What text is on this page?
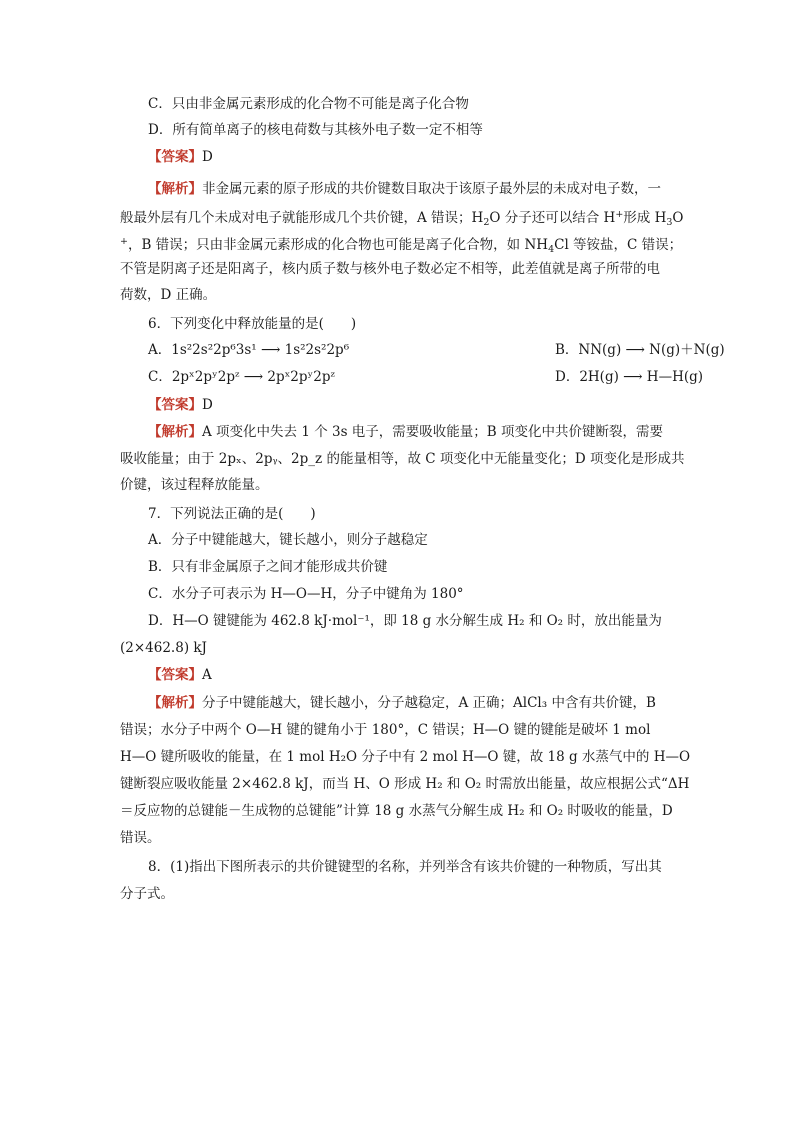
C．只由非金属元素形成的化合物不可能是离子化合物
D．所有简单离子的核电荷数与其核外电子数一定不相等
【答案】D
【解析】非金属元素的原子形成的共价键数目取决于该原子最外层的未成对电子数，一
般最外层有几个未成对电子就能形成几个共价键，A 错误；$H_2O$ 分子还可以结合 H+形成 $H_3O$
+，B 错误；只由非金属元素形成的化合物也可能是离子化合物，如 $NH_4Cl$ 等铵盐，C 错误；
不管是阴离子还是阳离子，核内质子数与核外电子数必定不相等，此差值就是离子所带的电
荷数，D 正确。
6．下列变化中释放能量的是(　　)
A．1s²2s²2p⁶3s¹ ⟶ 1s²2s²2p⁶	B．NN(g) ⟶ N(g)＋N(g)
C．2pˣ2pʸ2pᶻ ⟶ 2pˣ2pʸ2pᶻ	D．2H(g) ⟶ H—H(g)
【答案】D
【解析】A 项变化中失去 1 个 3s 电子，需要吸收能量；B 项变化中共价键断裂，需要
吸收能量；由于 2pₓ、2pᵧ、2p_z 的能量相等，故 C 项变化中无能量变化；D 项变化是形成共
价键，该过程释放能量。
7．下列说法正确的是(　　)
A．分子中键能越大，键长越小，则分子越稳定
B．只有非金属原子之间才能形成共价键
C．水分子可表示为 H—O—H，分子中键角为 180°
D．H—O 键键能为 462.8 kJ·mol⁻¹，即 18 g 水分解生成 H₂ 和 O₂ 时，放出能量为
(2×462.8) kJ
【答案】A
【解析】分子中键能越大，键长越小，分子越稳定，A 正确；AlCl₃ 中含有共价键，B
错误；水分子中两个 O—H 键的键角小于 180°，C 错误；H—O 键的键能是破坏 1 mol
H—O 键所吸收的能量，在 1 mol H₂O 分子中有 2 mol H—O 键，故 18 g 水蒸气中的 H—O
键断裂应吸收能量 2×462.8 kJ，而当 H、O 形成 H₂ 和 O₂ 时需放出能量，故应根据公式“ΔH
＝反应物的总键能－生成物的总键能”计算 18 g 水蒸气分解生成 H₂ 和 O₂ 时吸收的能量，D
错误。
8．(1)指出下图所表示的共价键键型的名称，并列举含有该共价键的一种物质，写出其
分子式。
